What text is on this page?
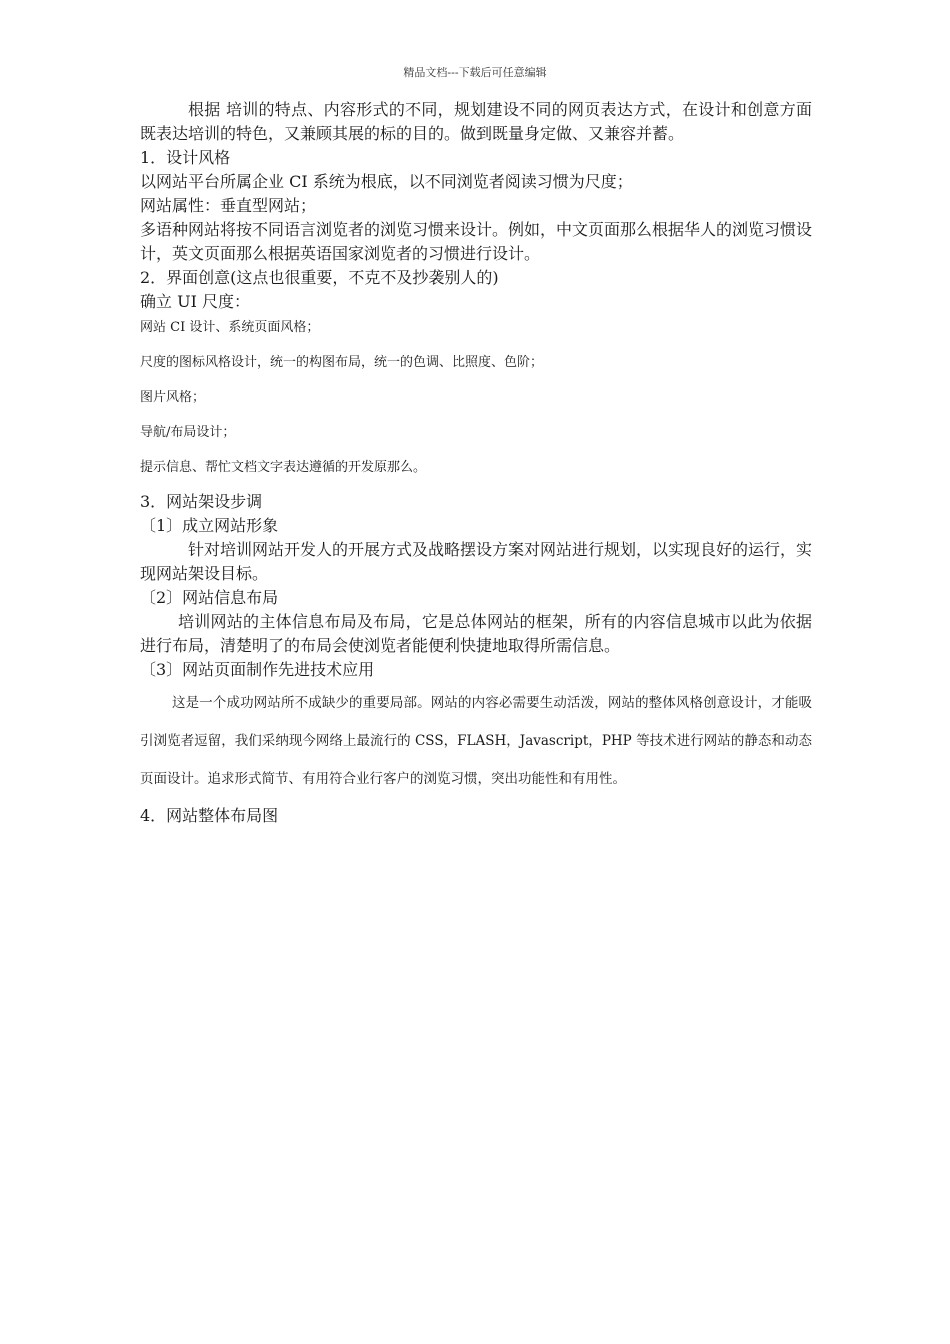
精品文档---下载后可任意编辑

根据 培训的特点、内容形式的不同，规划建设不同的网页表达方式，在设计和创意方面既表达培训的特色，又兼顾其展的标的目的。做到既量身定做、又兼容并蓄。

1．设计风格

以网站平台所属企业 CI 系统为根底，以不同浏览者阅读习惯为尺度；

网站属性：垂直型网站；

多语种网站将按不同语言浏览者的浏览习惯来设计。例如，中文页面那么根据华人的浏览习惯设计，英文页面那么根据英语国家浏览者的习惯进行设计。

2．界面创意(这点也很重要，不克不及抄袭别人的)

确立 UI 尺度：

网站 CI 设计、系统页面风格；

尺度的图标风格设计，统一的构图布局，统一的色调、比照度、色阶；

图片风格；

导航/布局设计；

提示信息、帮忙文档文字表达遵循的开发原那么。

3．网站架设步调

〔1〕成立网站形象

针对培训网站开发人的开展方式及战略摆设方案对网站进行规划，以实现良好的运行，实现网站架设目标。

〔2〕网站信息布局

培训网站的主体信息布局及布局，它是总体网站的框架，所有的内容信息城市以此为依据进行布局，清楚明了的布局会使浏览者能便利快捷地取得所需信息。

〔3〕网站页面制作先进技术应用

这是一个成功网站所不成缺少的重要局部。网站的内容必需要生动活泼，网站的整体风格创意设计，才能吸引浏览者逗留，我们采纳现今网络上最流行的 CSS，FLASH，Javascript，PHP 等技术进行网站的静态和动态页面设计。追求形式简节、有用符合业行客户的浏览习惯，突出功能性和有用性。

4．网站整体布局图
